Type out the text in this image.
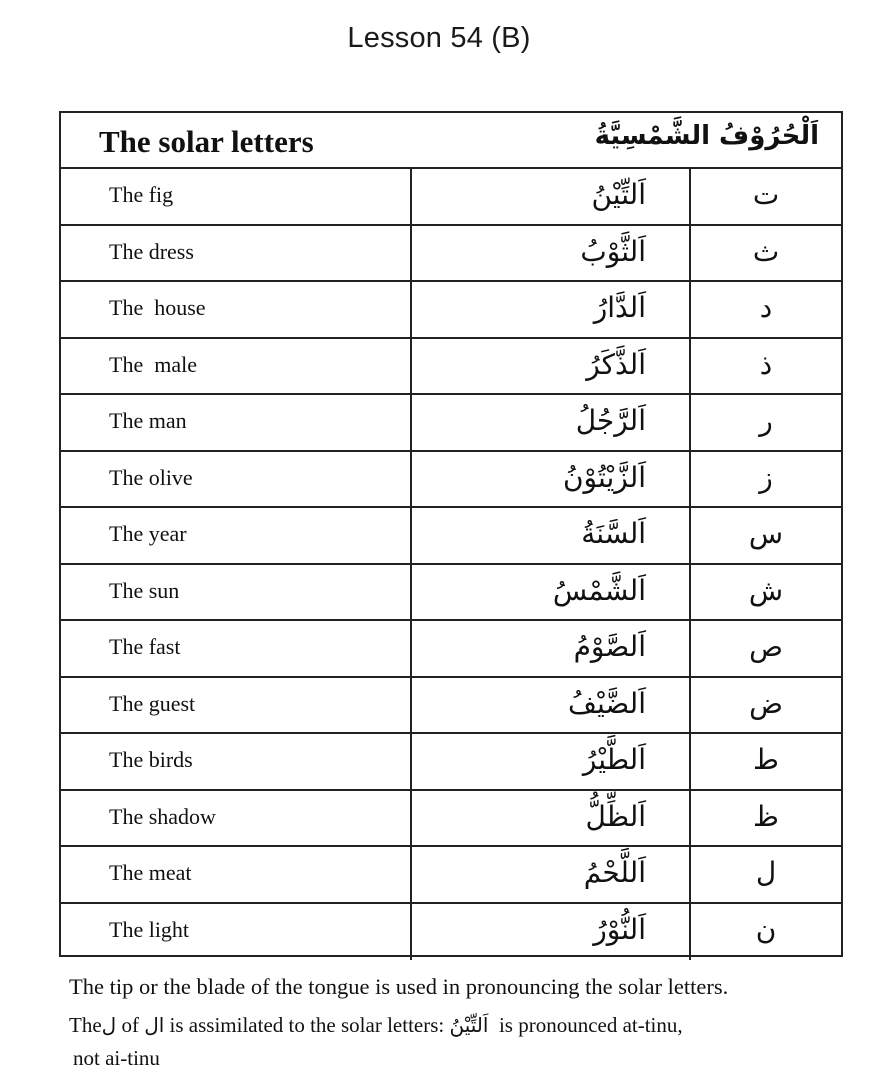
Lesson 54 (B)
The solar letters	اَلْحُرُوْفُ الشَّمْسِيَّةُ
The fig	اَلتِّيْنُ	ت
The dress	اَلثَّوْبُ	ث
The  house	اَلدَّارُ	د
The  male	اَلذَّكَرُ	ذ
The man	اَلرَّجُلُ	ر
The olive	اَلزَّيْتُوْنُ	ز
The year	اَلسَّنَةُ	س
The sun	اَلشَّمْسُ	ش
The fast	اَلصَّوْمُ	ص
The guest	اَلضَّيْفُ	ض
The birds	اَلطَّيْرُ	ط
The shadow	اَلظِّلُّ	ظ
The meat	اَللَّحْمُ	ل
The light	اَلنُّوْرُ	ن
The tip or the blade of the tongue is used in pronouncing the solar letters.
Theل of ال is assimilated to the solar letters: اَلتِّيْنُ is pronounced at-tinu,
not ai-tinu
